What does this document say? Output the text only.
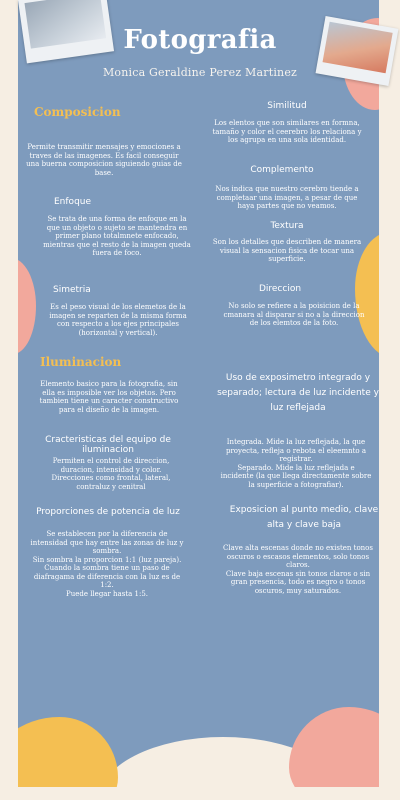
Fotografia
Monica Geraldine Perez Martinez
Composicion
Permite transmitir mensajes y emociones a traves de las imagenes. Es facil conseguir una buerna composicion siguiendo guias de base.
Enfoque
Se trata de una forma de enfoque en la que un objeto o sujeto se mantendra en primer plano totalmnete enfocado, mientras que el resto de la imagen queda fuera de foco.
Simetria
Es el peso visual de los elemetos de la imagen se reparten de la misma forma con respecto a los ejes principales (horizontal y vertical).
Similitud
Los elentos que son similares en formna, tamaño y color el ceerebro los relaciona y los agrupa en una sola identidad.
Complemento
Nos indica que nuestro cerebro tiende a completaar una imagen, a pesar de que haya partes que no veamos.
Textura
Son los detalles que describen de manera visual la sensacion fisica de tocar una superficie.
Direccion
No solo se refiere a la poisicion de la cmanara al disparar si no a la direccion de los elemtos de la foto.
Iluminacion
Elemento basico para la fotografia, sin ella es imposible ver los objetos. Pero tambien tiene un caracter constructivo para el diseño de la imagen.
Cracteristicas del equipo de iluminacion
Permiten el control de direccion, duracion, intensidad y color. Direcciones como frontal, lateral, contraluz y cenitral
Proporciones de potencia de luz
Se establecen por la diferencia de intensidad que hay entre las zonas de luz y sombra.
Sin sombra la proporcion 1:1 (luz pareja).
Cuando la sombra tiene un paso de diafragama de diferencia con la luz es de 1:2.
Puede llegar hasta 1:5.
Uso de exposimetro integrado y separado; lectura de luz incidente y luz reflejada
Integrada. Mide la luz reflejada, la que proyecta, refleja o rebota el eleemnto a registrar.
Separado. Mide la luz reflejada e incidente (la que llega directamente sobre la superficie a fotografiar).
Exposicion al punto medio, clave alta y clave baja
Clave alta escenas donde no existen tonos oscuros o escasos elementos, solo tonos claros.
Clave baja escenas sin tonos claros o sin gran presencia, todo es negro o tonos oscuros, muy saturados.
